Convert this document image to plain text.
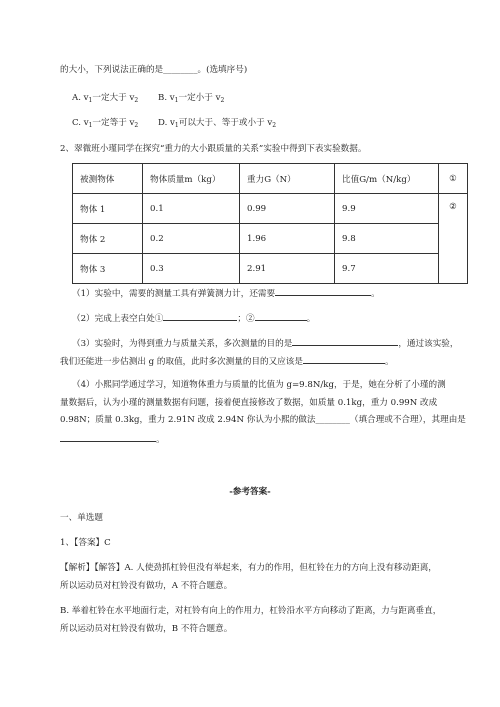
的大小，下列说法正确的是________。(选填序号)
A. $v_1$一定大于 $v_2$ B. $v_1$一定小于 $v_2$
C. $v_1$一定等于 $v_2$ D. $v_1$可以大于、等于或小于 $v_2$
2、翠微班小瑾同学在探究“重力的大小跟质量的关系”实验中得到下表实验数据。
被测物体	物体质量m（kg）	重力G（N）	比值G/m（N/kg）	①
物体 1	0.1	0.99	9.9	②
物体 2	0.2	1.96	9.8	
物体 3	0.3	2.91	9.7	
（1）实验中，需要的测量工具有弹簧测力计，还需要	。
（2）完成上表空白处①	；②	。
（3）实验时，为得到重力与质量关系，多次测量的目的是	，通过该实验，
我们还能进一步估测出 g 的取值，此时多次测量的目的又应该是	。
（4）小熙同学通过学习，知道物体重力与质量的比值为 g=9.8N/kg，于是，她在分析了小瑾的测
量数据后，认为小瑾的测量数据有问题，接着便直接修改了数据，如质量 0.1kg，重力 0.99N 改成
0.98N；质量 0.3kg，重力 2.91N 改成 2.94N 你认为小熙的做法________（填合理或不合理），其理由是
。
-参考答案-
一、单选题
1、【答案】C
【解析】【解答】A. 人使劲抓杠铃但没有举起来，有力的作用，但杠铃在力的方向上没有移动距离，
所以运动员对杠铃没有做功，A 不符合题意。
B. 举着杠铃在水平地面行走，对杠铃有向上的作用力，杠铃沿水平方向移动了距离，力与距离垂直，
所以运动员对杠铃没有做功，B 不符合题意。
